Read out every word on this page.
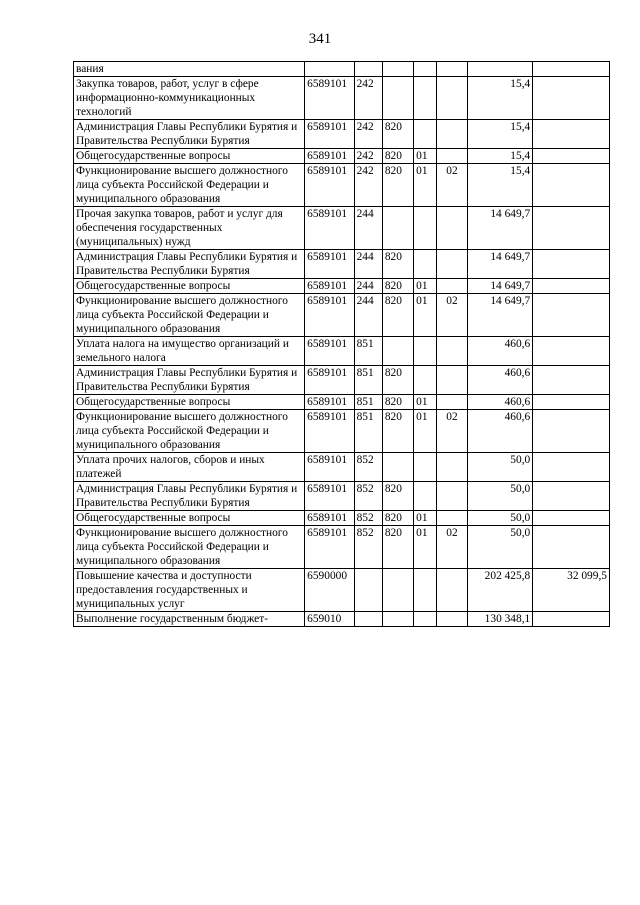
341
вания							
Закупка товаров, работ, услуг в сфере информационно-коммуникационных технологий	6589101	242				15,4	
Администрация Главы Республики Бурятия и Правительства Республики Бурятия	6589101	242	820			15,4	
Общегосударственные вопросы	6589101	242	820	01		15,4	
Функционирование высшего должностного лица субъекта Российской Федерации и муниципального образования	6589101	242	820	01	02	15,4	
Прочая закупка товаров, работ и услуг для обеспечения государственных (муниципальных) нужд	6589101	244				14 649,7	
Администрация Главы Республики Бурятия и Правительства Республики Бурятия	6589101	244	820			14 649,7	
Общегосударственные вопросы	6589101	244	820	01		14 649,7	
Функционирование высшего должностного лица субъекта Российской Федерации и муниципального образования	6589101	244	820	01	02	14 649,7	
Уплата налога на имущество организаций и земельного налога	6589101	851				460,6	
Администрация Главы Республики Бурятия и Правительства Республики Бурятия	6589101	851	820			460,6	
Общегосударственные вопросы	6589101	851	820	01		460,6	
Функционирование высшего должностного лица субъекта Российской Федерации и муниципального образования	6589101	851	820	01	02	460,6	
Уплата прочих налогов, сборов и иных платежей	6589101	852				50,0	
Администрация Главы Республики Бурятия и Правительства Республики Бурятия	6589101	852	820			50,0	
Общегосударственные вопросы	6589101	852	820	01		50,0	
Функционирование высшего должностного лица субъекта Российской Федерации и муниципального образования	6589101	852	820	01	02	50,0	
Повышение качества и доступности предоставления государственных и муниципальных услуг	6590000					202 425,8	32 099,5
Выполнение государственным бюджет-	659010					130 348,1	
